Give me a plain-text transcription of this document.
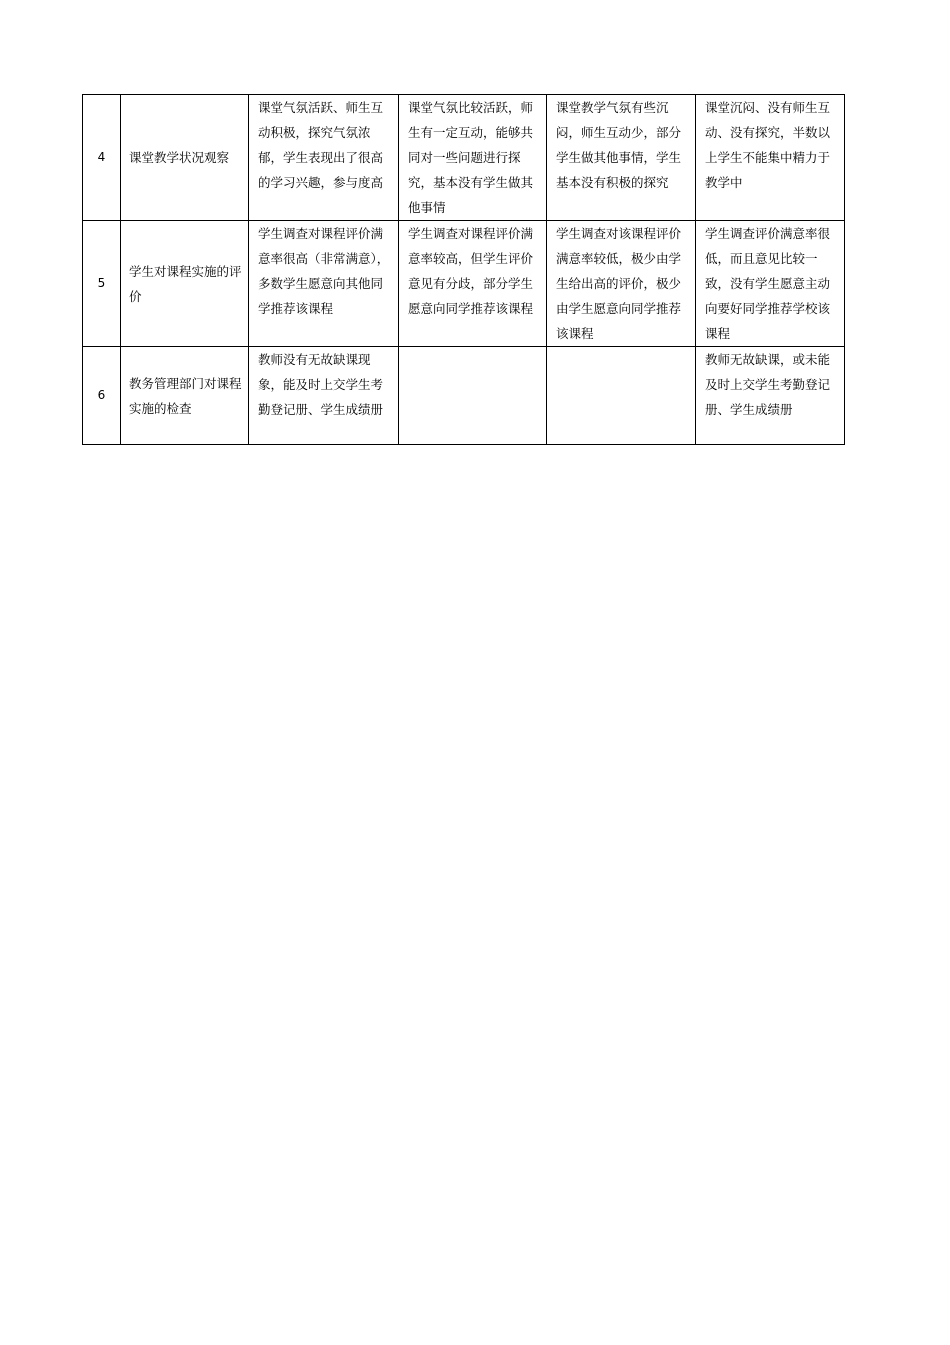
4	课堂教学状况观察	课堂气氛活跃、师生互动积极，探究气氛浓郁，学生表现出了很高的学习兴趣，参与度高	课堂气氛比较活跃，师生有一定互动，能够共同对一些问题进行探究，基本没有学生做其他事情	课堂教学气氛有些沉闷，师生互动少，部分学生做其他事情，学生基本没有积极的探究	课堂沉闷、没有师生互动、没有探究，半数以上学生不能集中精力于教学中

5	学生对课程实施的评价	学生调查对课程评价满意率很高（非常满意），多数学生愿意向其他同学推荐该课程	学生调查对课程评价满意率较高，但学生评价意见有分歧，部分学生愿意向同学推荐该课程	学生调查对该课程评价满意率较低，极少由学生给出高的评价，极少由学生愿意向同学推荐该课程	学生调查评价满意率很低，而且意见比较一致，没有学生愿意主动向要好同学推荐学校该课程

6	教务管理部门对课程实施的检查	教师没有无故缺课现象，能及时上交学生考勤登记册、学生成绩册			教师无故缺课，或未能及时上交学生考勤登记册、学生成绩册
